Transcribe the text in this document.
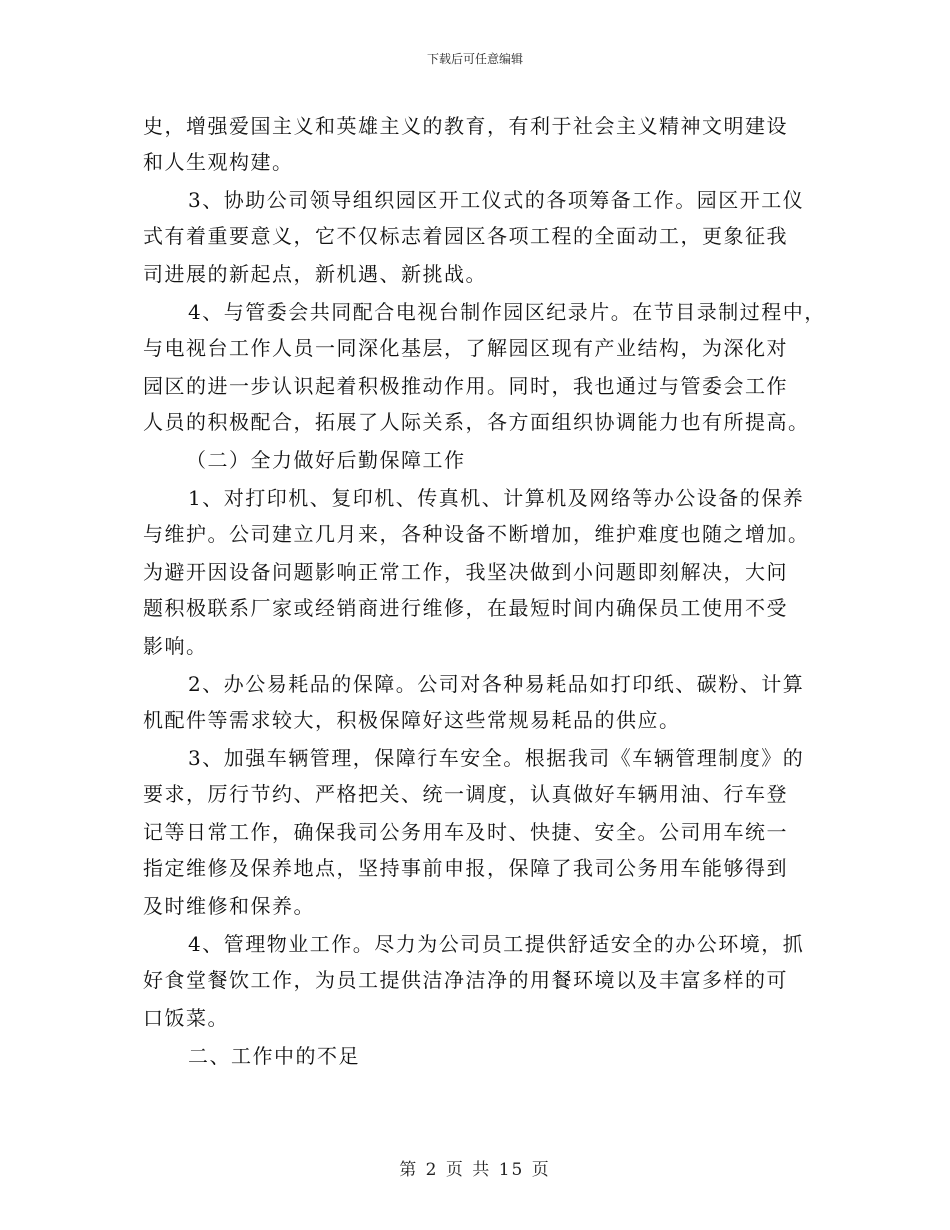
下载后可任意编辑
史，增强爱国主义和英雄主义的教育，有利于社会主义精神文明建设
和人生观构建。
3、协助公司领导组织园区开工仪式的各项筹备工作。园区开工仪
式有着重要意义，它不仅标志着园区各项工程的全面动工，更象征我
司进展的新起点，新机遇、新挑战。
4、与管委会共同配合电视台制作园区纪录片。在节目录制过程中，
与电视台工作人员一同深化基层，了解园区现有产业结构，为深化对
园区的进一步认识起着积极推动作用。同时，我也通过与管委会工作
人员的积极配合，拓展了人际关系，各方面组织协调能力也有所提高。
（二）全力做好后勤保障工作
1、对打印机、复印机、传真机、计算机及网络等办公设备的保养
与维护。公司建立几月来，各种设备不断增加，维护难度也随之增加。
为避开因设备问题影响正常工作，我坚决做到小问题即刻解决，大问
题积极联系厂家或经销商进行维修，在最短时间内确保员工使用不受
影响。
2、办公易耗品的保障。公司对各种易耗品如打印纸、碳粉、计算
机配件等需求较大，积极保障好这些常规易耗品的供应。
3、加强车辆管理，保障行车安全。根据我司《车辆管理制度》的
要求，厉行节约、严格把关、统一调度，认真做好车辆用油、行车登
记等日常工作，确保我司公务用车及时、快捷、安全。公司用车统一
指定维修及保养地点，坚持事前申报，保障了我司公务用车能够得到
及时维修和保养。
4、管理物业工作。尽力为公司员工提供舒适安全的办公环境，抓
好食堂餐饮工作，为员工提供洁净洁净的用餐环境以及丰富多样的可
口饭菜。
二、工作中的不足
第 2 页 共 15 页
